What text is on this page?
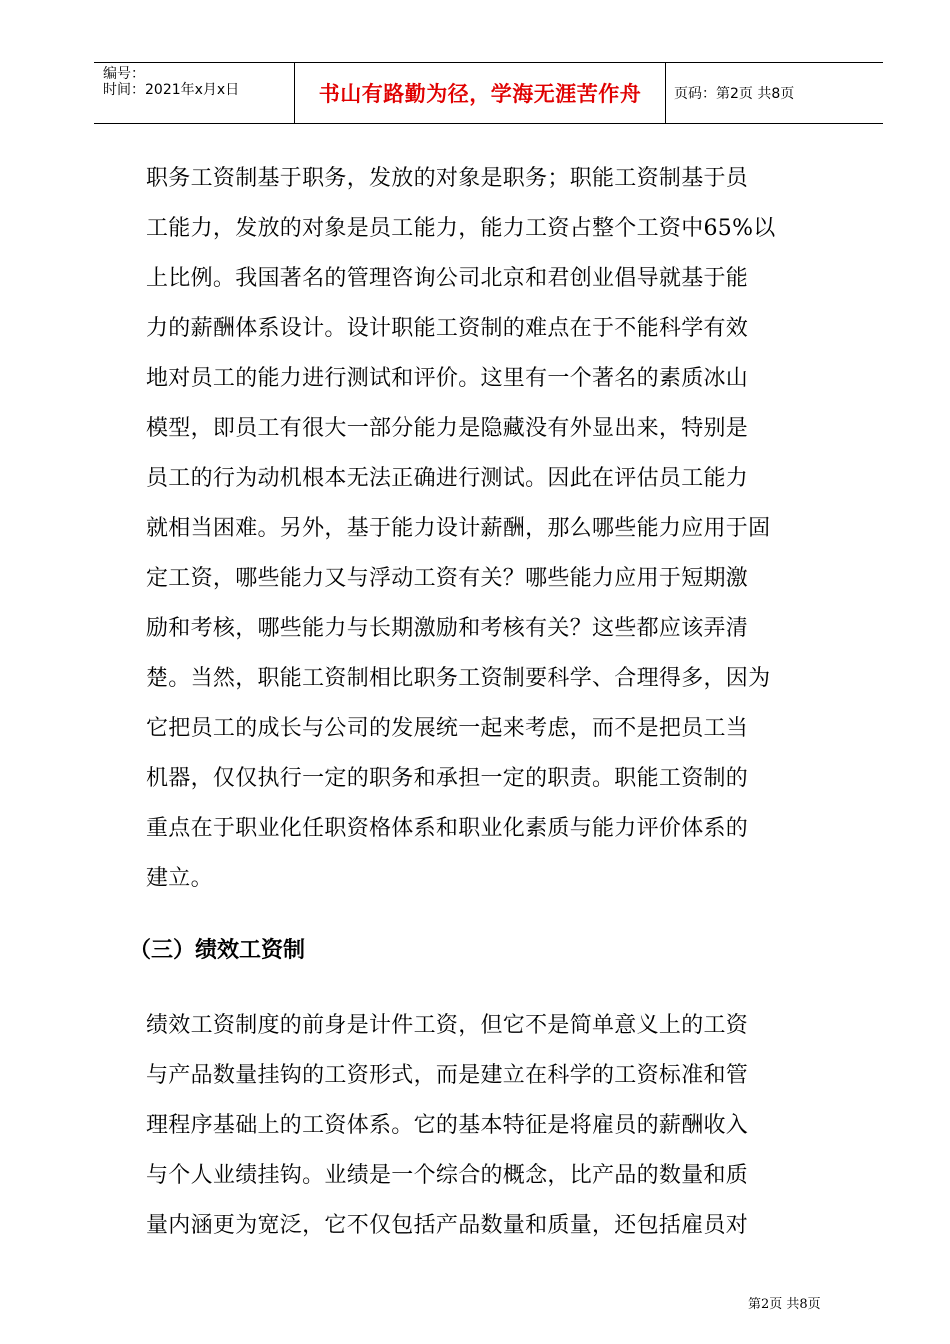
编号：
时间：2021年x月x日	书山有路勤为径，学海无涯苦作舟	页码：第2页 共8页
职务工资制基于职务，发放的对象是职务；职能工资制基于员
工能力，发放的对象是员工能力，能力工资占整个工资中65%以
上比例。我国著名的管理咨询公司北京和君创业倡导就基于能
力的薪酬体系设计。设计职能工资制的难点在于不能科学有效
地对员工的能力进行测试和评价。这里有一个著名的素质冰山
模型，即员工有很大一部分能力是隐藏没有外显出来，特别是
员工的行为动机根本无法正确进行测试。因此在评估员工能力
就相当困难。另外，基于能力设计薪酬，那么哪些能力应用于固
定工资，哪些能力又与浮动工资有关？哪些能力应用于短期激
励和考核，哪些能力与长期激励和考核有关？这些都应该弄清
楚。当然，职能工资制相比职务工资制要科学、合理得多，因为
它把员工的成长与公司的发展统一起来考虑，而不是把员工当
机器，仅仅执行一定的职务和承担一定的职责。职能工资制的
重点在于职业化任职资格体系和职业化素质与能力评价体系的
建立。
（三）绩效工资制
绩效工资制度的前身是计件工资，但它不是简单意义上的工资
与产品数量挂钩的工资形式，而是建立在科学的工资标准和管
理程序基础上的工资体系。它的基本特征是将雇员的薪酬收入
与个人业绩挂钩。业绩是一个综合的概念，比产品的数量和质
量内涵更为宽泛，它不仅包括产品数量和质量，还包括雇员对
第2页 共8页
